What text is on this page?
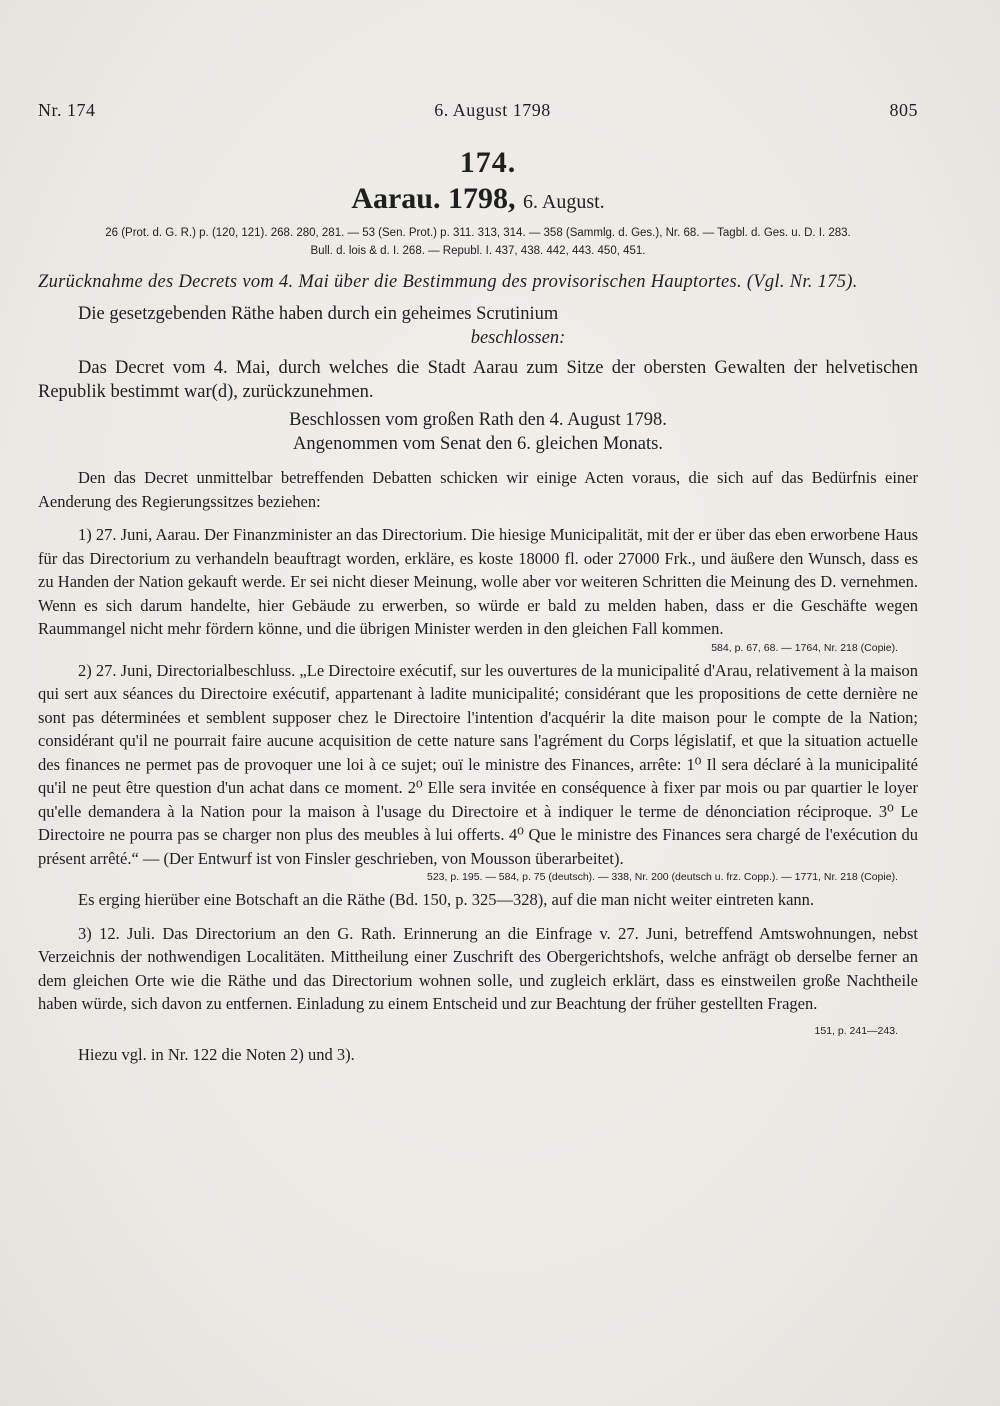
Nr. 174	6. August 1798	805
174.
Aarau. 1798, 6. August.
26 (Prot. d. G. R.) p. (120, 121). 268. 280, 281. — 53 (Sen. Prot.) p. 311. 313, 314. — 358 (Sammlg. d. Ges.), Nr. 68. — Tagbl. d. Ges. u. D. I. 283.
Bull. d. lois & d. I. 268. — Republ. I. 437, 438. 442, 443. 450, 451.
Zurücknahme des Decrets vom 4. Mai über die Bestimmung des provisorischen Hauptortes. (Vgl. Nr. 175).
Die gesetzgebenden Räthe haben durch ein geheimes Scrutinium
beschlossen:
Das Decret vom 4. Mai, durch welches die Stadt Aarau zum Sitze der obersten Gewalten der helvetischen Republik bestimmt war(d), zurückzunehmen.
Beschlossen vom großen Rath den 4. August 1798.
Angenommen vom Senat den 6. gleichen Monats.
Den das Decret unmittelbar betreffenden Debatten schicken wir einige Acten voraus, die sich auf das Bedürfnis einer Aenderung des Regierungssitzes beziehen:
1) 27. Juni, Aarau. Der Finanzminister an das Directorium. Die hiesige Municipalität, mit der er über das eben erworbene Haus für das Directorium zu verhandeln beauftragt worden, erkläre, es koste 18000 fl. oder 27000 Frk., und äußere den Wunsch, dass es zu Handen der Nation gekauft werde. Er sei nicht dieser Meinung, wolle aber vor weiteren Schritten die Meinung des D. vernehmen. Wenn es sich darum handelte, hier Gebäude zu erwerben, so würde er bald zu melden haben, dass er die Geschäfte wegen Raummangel nicht mehr fördern könne, und die übrigen Minister werden in den gleichen Fall kommen.
584, p. 67, 68. — 1764, Nr. 218 (Copie).
2) 27. Juni, Directorialbeschluss. „Le Directoire exécutif, sur les ouvertures de la municipalité d'Arau, relativement à la maison qui sert aux séances du Directoire exécutif, appartenant à ladite municipalité; considérant que les propositions de cette dernière ne sont pas déterminées et semblent supposer chez le Directoire l'intention d'acquérir la dite maison pour le compte de la Nation; considérant qu'il ne pourrait faire aucune acquisition de cette nature sans l'agrément du Corps législatif, et que la situation actuelle des finances ne permet pas de provoquer une loi à ce sujet; ouï le ministre des Finances, arrête: 1⁰ Il sera déclaré à la municipalité qu'il ne peut être question d'un achat dans ce moment. 2⁰ Elle sera invitée en conséquence à fixer par mois ou par quartier le loyer qu'elle demandera à la Nation pour la maison à l'usage du Directoire et à indiquer le terme de dénonciation réciproque. 3⁰ Le Directoire ne pourra pas se charger non plus des meubles à lui offerts. 4⁰ Que le ministre des Finances sera chargé de l'exécution du présent arrêté.“ — (Der Entwurf ist von Finsler geschrieben, von Mousson überarbeitet).
523, p. 195. — 584, p. 75 (deutsch). — 338, Nr. 200 (deutsch u. frz. Copp.). — 1771, Nr. 218 (Copie).
Es erging hierüber eine Botschaft an die Räthe (Bd. 150, p. 325—328), auf die man nicht weiter eintreten kann.
3) 12. Juli. Das Directorium an den G. Rath. Erinnerung an die Einfrage v. 27. Juni, betreffend Amtswohnungen, nebst Verzeichnis der nothwendigen Localitäten. Mittheilung einer Zuschrift des Obergerichtshofs, welche anfrägt ob derselbe ferner an dem gleichen Orte wie die Räthe und das Directorium wohnen solle, und zugleich erklärt, dass es einstweilen große Nachtheile haben würde, sich davon zu entfernen. Einladung zu einem Entscheid und zur Beachtung der früher gestellten Fragen.
151, p. 241—243.
Hiezu vgl. in Nr. 122 die Noten 2) und 3).
